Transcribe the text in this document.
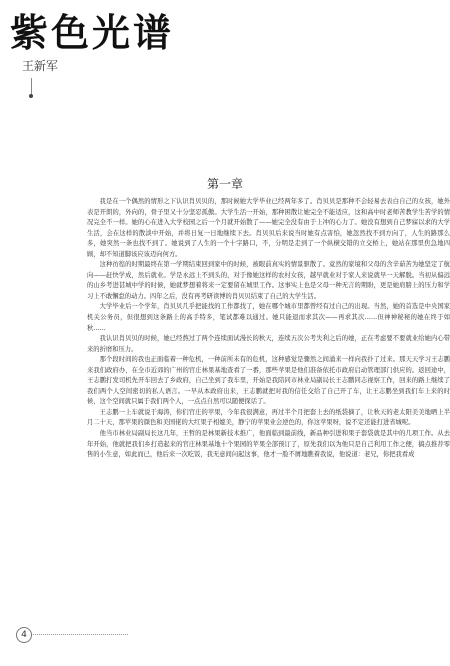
紫色光谱
王新军
第一章

我是在一个偶然的情形之下认识肖贝贝的，那时候她大学毕业已经两年多了。肖贝贝是那种不会轻易去表白自己的女孩，她外表是开朗的，外向的，骨子里又十分坚忍孤傲。大学生活一开始，那种困散让她完全不能适应，这和高中时老师苦教学生苦学的情况完全不一样。她的心在进入大学校园之后一个月就开始散了——她完全没有由于上冲的心力了。她没有想到自己梦寐以求的大学生活，会在这样的散淡中开始，并将日复一日地继续下去。肖贝贝后来说当时她有点害怕，她忽然找不到方向了，人生的路那么多，她突然一条也找不到了。她说到了人生的一个十字路口，不，分明是走到了一个纵横交错的立交桥上，她站在那里焦急地四顾，却不知道脚该应该迈向何方。

这种彷徨的时期最终在第一学期结束回到家中的时候，被眼前真实的情景驱散了。竟然的家境和父母的含辛茹苦为她坚定了航向——赶快学成，然后就业。学是永远上不到头的，对于像她这样的农村女孩，越早就业对于家人来说就早一天解脱。当初从偏远的山乡考进甚城中学的时候，她就梦想着将来一定要留在城里工作。这事实上也是父母一种无言的期盼，更是她肩膀上的压力和学习上不敢懈怠的动力。四年之后，没有再考研读博的肖贝贝结束了自己的大学生活。

大学毕业后一个学年，肖贝贝几乎把能找的工作都找了，她在哪个城市里都曾经有过自己的出现。当然，她的首选是中央国家机关公务员，但很想到这条路上的高手特多，笔试都难以通过。她只能退而求其次——再求其次……但神神秘秘的她在终于如秋……

我认识肖贝贝的时候，她已经熬过了两个连续面试漫长的秋天，连续五次公考失利之后的她，正在考虑要不要就业给她内心带来的折磨和压力。

那个段时间的我也正面临着一种危机，一种前所未有的危机，这种感觉是骤然之间涌来一样向我扑了过来。那天天学习王志鹏来我们政府办，在全市近郊的广州的官庄林果基地查看了一番，那些苹果是他们准备依托市政府启动管理部门供应的。返回途中，王志鹏打发司机先开车回去了乡政府，自己坐到了我车里，开始是我陪同市林业局副局长王志鹏同志视察工作，回来的路上继续了我们两个人空间密切的私人语言。一早从本政府出来，王志鹏就把对我的信任交给了自己开了车，让王志鹏坐到我们车上来的时候，这个空间就只属于我们两个人，一点点自然可以随便探话了。

王志鹏一上车就说于海涛，你们官庄的苹果，今年我很满意，再过半个月把套上去的纸袋摘了，让秋天的老太阳美美地晒上半月二十天，那苹果的颜色和美国佬的大红果子相媲美，静宁的苹果业会逆色的，你这苹果呀，说不定还能打进省城呢。

他当市林业局副局长这几年，王哲的是林果新技术推广，他面临到最前线，新品种引进和果子套袋就是其中的几项工作。从去年开始，他就把我们乡打造起来的官庄林果基地十个果园的苹果全部预订了，原先我们以为他只是自己利用工作之便，搞点推荐零售的小生意，如此而已，他后来一次吃饭，我无意间问起这事，他才一脸不屑地瞧着我说，他说道：老兄，你把我看成

4
